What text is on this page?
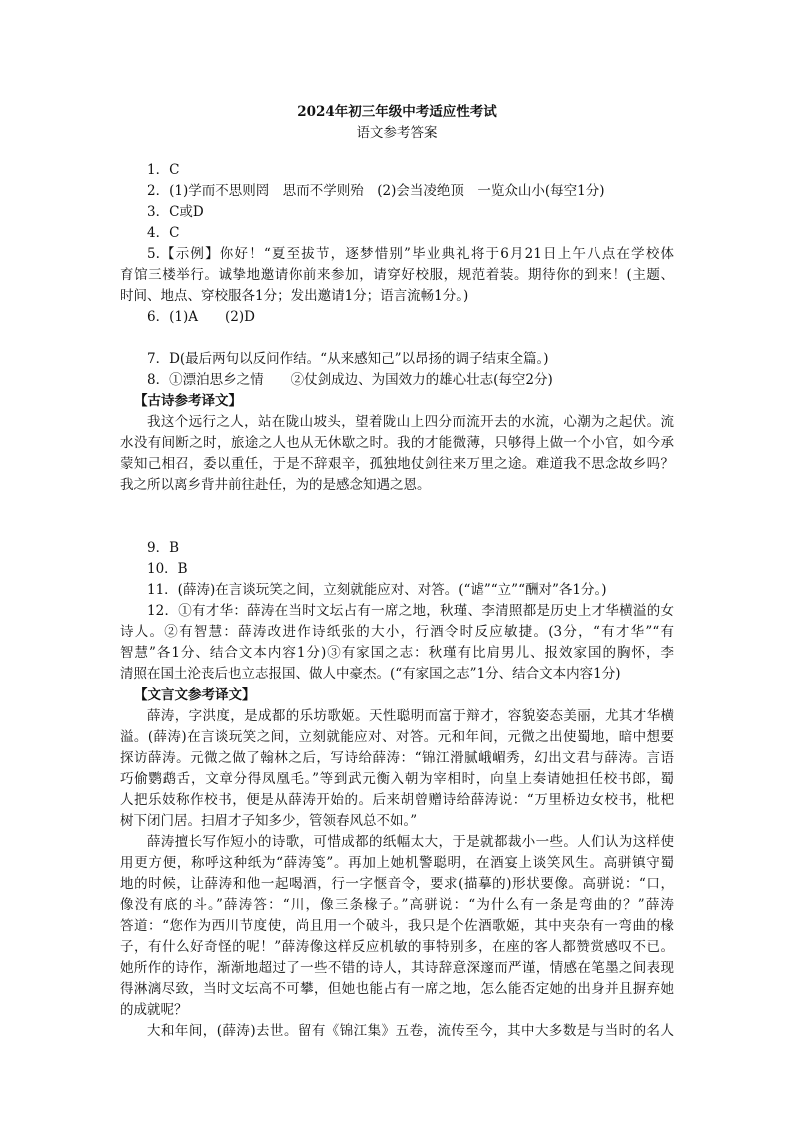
2024年初三年级中考适应性考试
语文参考答案
1．C
2．(1)学而不思则罔　思而不学则殆　(2)会当凌绝顶　一览众山小(每空1分)
3．C或D
4．C
5.【示例】你好！“夏至拔节，逐梦惜别”毕业典礼将于6月21日上午八点在学校体
育馆三楼举行。诚挚地邀请你前来参加，请穿好校服，规范着装。期待你的到来！(主题、
时间、地点、穿校服各1分；发出邀请1分；语言流畅1分。)
6．(1)A　　(2)D
7．D(最后两句以反问作结。“从来感知己”以昂扬的调子结束全篇。)
8．①漂泊思乡之情　　②仗剑成边、为国效力的雄心壮志(每空2分)
【古诗参考译文】
我这个远行之人，站在陇山坡头，望着陇山上四分而流开去的水流，心潮为之起伏。流
水没有间断之时，旅途之人也从无休歇之时。我的才能微薄，只够得上做一个小官，如今承
蒙知己相召，委以重任，于是不辞艰辛，孤独地仗剑往来万里之途。难道我不思念故乡吗？
我之所以离乡背井前往赴任，为的是感念知遇之恩。
9．B
10．B
11．(薛涛)在言谈玩笑之间，立刻就能应对、对答。(“谑”“立”“酬对”各1分。)
12．①有才华：薛涛在当时文坛占有一席之地，秋瑾、李清照都是历史上才华横溢的女
诗人。②有智慧：薛涛改进作诗纸张的大小，行酒令时反应敏捷。(3分，“有才华”“有
智慧”各1分、结合文本内容1分)③有家国之志：秋瑾有比肩男儿、报效家国的胸怀，李
清照在国土沦丧后也立志报国、做人中豪杰。(“有家国之志”1分、结合文本内容1分)
【文言文参考译文】
薛涛，字洪度，是成都的乐坊歌姬。天性聪明而富于辩才，容貌姿态美丽，尤其才华横
溢。(薛涛)在言谈玩笑之间，立刻就能应对、对答。元和年间，元微之出使蜀地，暗中想要
探访薛涛。元微之做了翰林之后，写诗给薛涛：“锦江滑腻峨嵋秀，幻出文君与薛涛。言语
巧偷鹦鹉舌，文章分得凤凰毛。”等到武元衡入朝为宰相时，向皇上奏请她担任校书郎，蜀
人把乐妓称作校书，便是从薛涛开始的。后来胡曾赠诗给薛涛说：“万里桥边女校书，枇杷
树下闭门居。扫眉才子知多少，管领春风总不如。”
薛涛擅长写作短小的诗歌，可惜成都的纸幅太大，于是就都裁小一些。人们认为这样使
用更方便，称呼这种纸为“薛涛笺”。再加上她机警聪明，在酒宴上谈笑风生。高骈镇守蜀
地的时候，让薛涛和他一起喝酒，行一字惬音令，要求(描摹的)形状要像。高骈说：“口，
像没有底的斗。”薛涛答：“川，像三条椽子。”高骈说：“为什么有一条是弯曲的？”薛涛
答道：“您作为西川节度使，尚且用一个破斗，我只是个佐酒歌姬，其中夹杂有一弯曲的椽
子，有什么好奇怪的呢！”薛涛像这样反应机敏的事特别多，在座的客人都赞赏感叹不已。
她所作的诗作，渐渐地超过了一些不错的诗人，其诗辞意深邃而严谨，情感在笔墨之间表现
得淋漓尽致，当时文坛高不可攀，但她也能占有一席之地，怎么能否定她的出身并且摒弃她
的成就呢？
大和年间，(薛涛)去世。留有《锦江集》五卷，流传至今，其中大多数是与当时的名人
